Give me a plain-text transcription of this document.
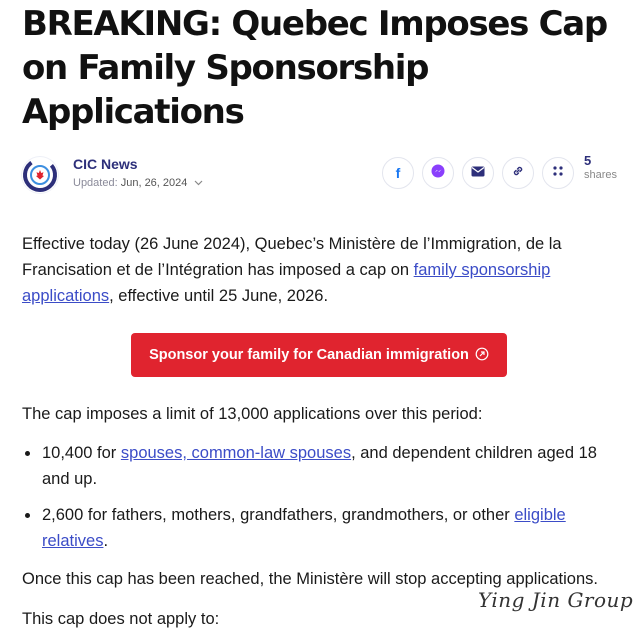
BREAKING: Quebec Imposes Cap on Family Sponsorship Applications
CIC News
Updated: Jun, 26, 2024
f
5
shares

Effective today (26 June 2024), Quebec’s Ministère de l’Immigration, de la Francisation et de l’Intégration has imposed a cap on family sponsorship applications, effective until 25 June, 2026.

Sponsor your family for Canadian immigration

The cap imposes a limit of 13,000 applications over this period:

10,400 for spouses, common-law spouses, and dependent children aged 18 and up.
2,600 for fathers, mothers, grandfathers, grandmothers, or other eligible relatives.

Once this cap has been reached, the Ministère will stop accepting applications.

This cap does not apply to:

Ying Jin Group
